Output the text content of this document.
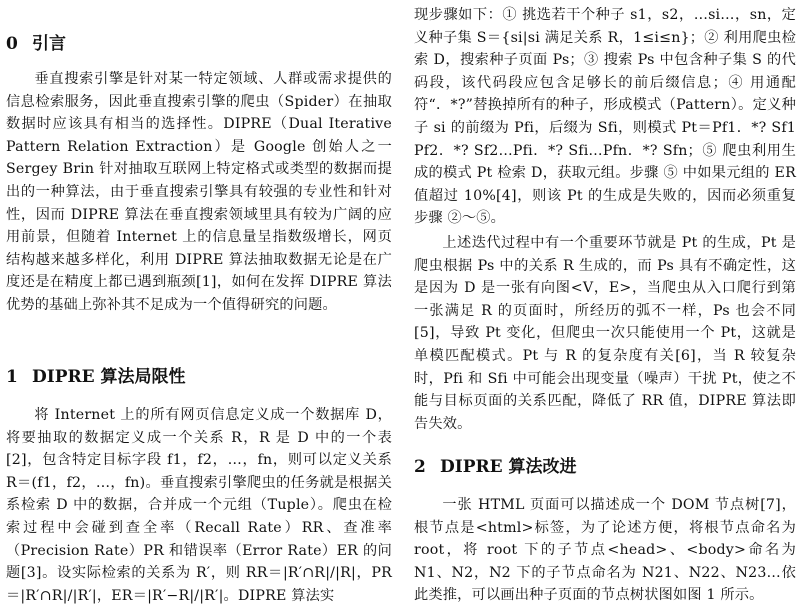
0 引言

垂直搜索引擎是针对某一特定领域、人群或需求提供的信息检索服务，因此垂直搜索引擎的爬虫（Spider）在抽取数据时应该具有相当的选择性。DIPRE（Dual Iterative Pattern Relation Extraction）是 Google 创始人之一 Sergey Brin 针对抽取互联网上特定格式或类型的数据而提出的一种算法，由于垂直搜索引擎具有较强的专业性和针对性，因而 DIPRE 算法在垂直搜索领域里具有较为广阔的应用前景，但随着 Internet 上的信息量呈指数级增长，网页结构越来越多样化，利用 DIPRE 算法抽取数据无论是在广度还是在精度上都已遇到瓶颈[1]，如何在发挥 DIPRE 算法优势的基础上弥补其不足成为一个值得研究的问题。

1 DIPRE 算法局限性

将 Internet 上的所有网页信息定义成一个数据库 D，将要抽取的数据定义成一个关系 R，R 是 D 中的一个表[2]，包含特定目标字段 f1，f2，…，fn，则可以定义关系 R＝(f1，f2，…，fn)。垂直搜索引擎爬虫的任务就是根据关系检索 D 中的数据，合并成一个元组（Tuple）。爬虫在检索过程中会碰到查全率（Recall Rate）RR、查准率（Precision Rate）PR 和错误率（Error Rate）ER 的问题[3]。设实际检索的关系为 R′，则 RR＝|R′∩R|/|R|，PR＝|R′∩R|/|R′|，ER＝|R′−R|/|R′|。DIPRE 算法实

现步骤如下：① 挑选若干个种子 s1，s2，…si…，sn，定义种子集 S＝{si|si 满足关系 R，1≤i≤n}；② 利用爬虫检索 D，搜索种子页面 Ps；③ 搜索 Ps 中包含种子集 S 的代码段，该代码段应包含足够长的前后缀信息；④ 用通配符“．*?”替换掉所有的种子，形成模式（Pattern）。定义种子 si 的前缀为 Pfi，后缀为 Sfi，则模式 Pt＝Pf1．*? Sf1 Pf2．*? Sf2…Pfi．*? Sfi…Pfn．*? Sfn；⑤ 爬虫利用生成的模式 Pt 检索 D，获取元组。步骤 ⑤ 中如果元组的 ER 值超过 10%[4]，则该 Pt 的生成是失败的，因而必须重复步骤 ②～⑤。

上述迭代过程中有一个重要环节就是 Pt 的生成，Pt 是爬虫根据 Ps 中的关系 R 生成的，而 Ps 具有不确定性，这是因为 D 是一张有向图<V，E>，当爬虫从入口爬行到第一张满足 R 的页面时，所经历的弧不一样，Ps 也会不同[5]，导致 Pt 变化，但爬虫一次只能使用一个 Pt，这就是单模匹配模式。Pt 与 R 的复杂度有关[6]，当 R 较复杂时，Pfi 和 Sfi 中可能会出现变量（噪声）干扰 Pt，使之不能与目标页面的关系匹配，降低了 RR 值，DIPRE 算法即告失效。

2 DIPRE 算法改进

一张 HTML 页面可以描述成一个 DOM 节点树[7]，根节点是<html>标签，为了论述方便，将根节点命名为 root，将 root 下的子节点<head>、<body>命名为 N1、N2，N2 下的子节点命名为 N21、N22、N23…依此类推，可以画出种子页面的节点树状图如图 1 所示。
